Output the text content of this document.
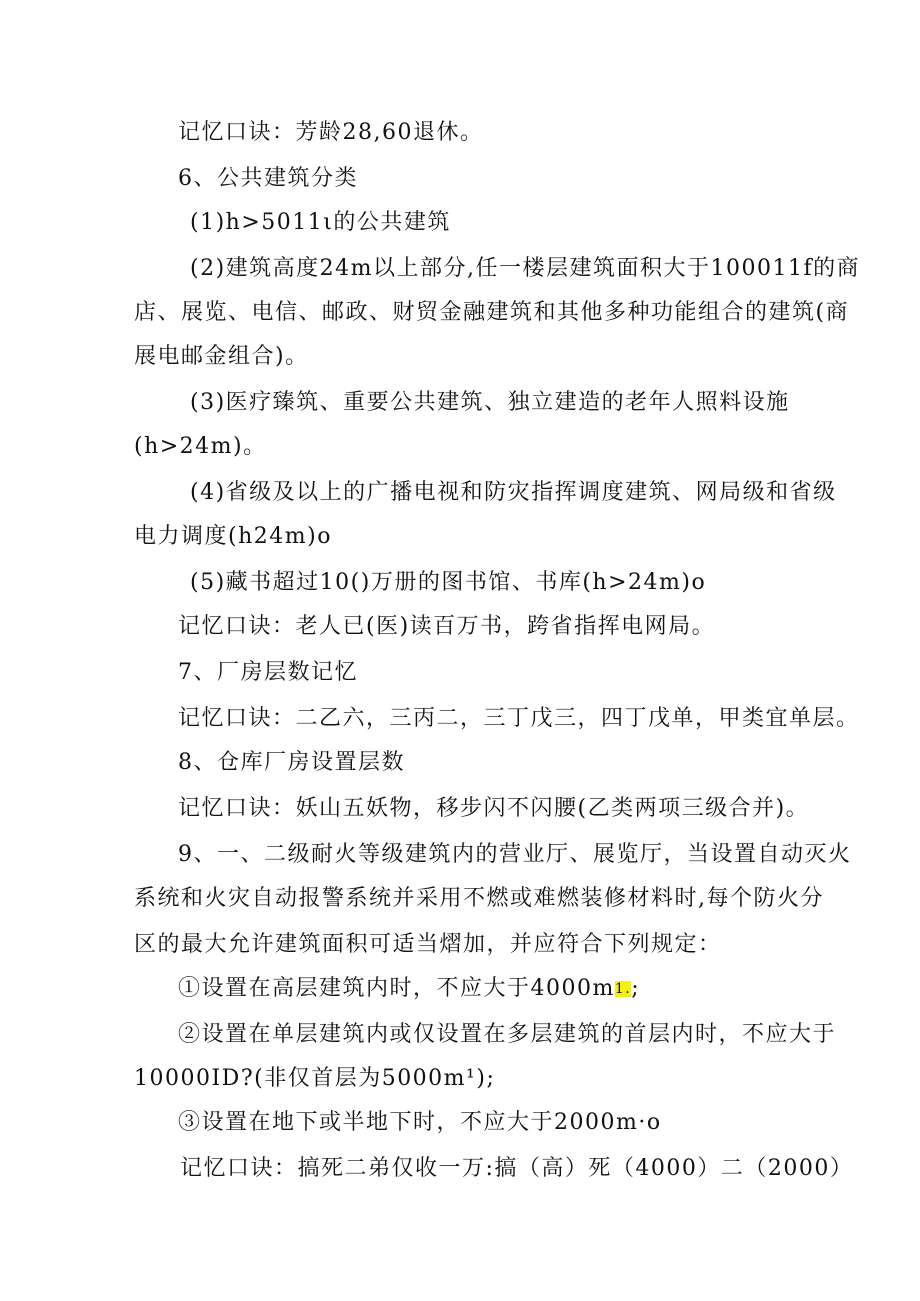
记忆口诀：芳龄28,60退休。
6、公共建筑分类
(1)h>5011ι的公共建筑
(2)建筑高度24m以上部分,任一楼层建筑面积大于100011f的商
店、展览、电信、邮政、财贸金融建筑和其他多种功能组合的建筑(商
展电邮金组合)。
(3)医疗臻筑、重要公共建筑、独立建造的老年人照料设施
(h>24m)。
(4)省级及以上的广播电视和防灾指挥调度建筑、网局级和省级
电力调度(h24m)o
(5)藏书超过10()万册的图书馆、书库(h>24m)o
记忆口诀：老人已(医)读百万书，跨省指挥电网局。
7、厂房层数记忆
记忆口诀：二乙六，三丙二，三丁戊三，四丁戊单，甲类宜单层。
8、仓库厂房设置层数
记忆口诀：妖山五妖物，移步闪不闪腰(乙类两项三级合并)。
9、一、二级耐火等级建筑内的营业厅、展览厅，当设置自动灭火
系统和火灾自动报警系统并采用不燃或难燃装修材料时,每个防火分
区的最大允许建筑面积可适当熠加，并应符合下列规定：
①设置在高层建筑内时，不应大于$4000m^{1.}$;
②设置在单层建筑内或仅设置在多层建筑的首层内时，不应大于
10000ID?(非仅首层为5000m¹);
③设置在地下或半地下时，不应大于2000m·o
记忆口诀：搞死二弟仅收一万:搞（高）死（4000）二（2000）
